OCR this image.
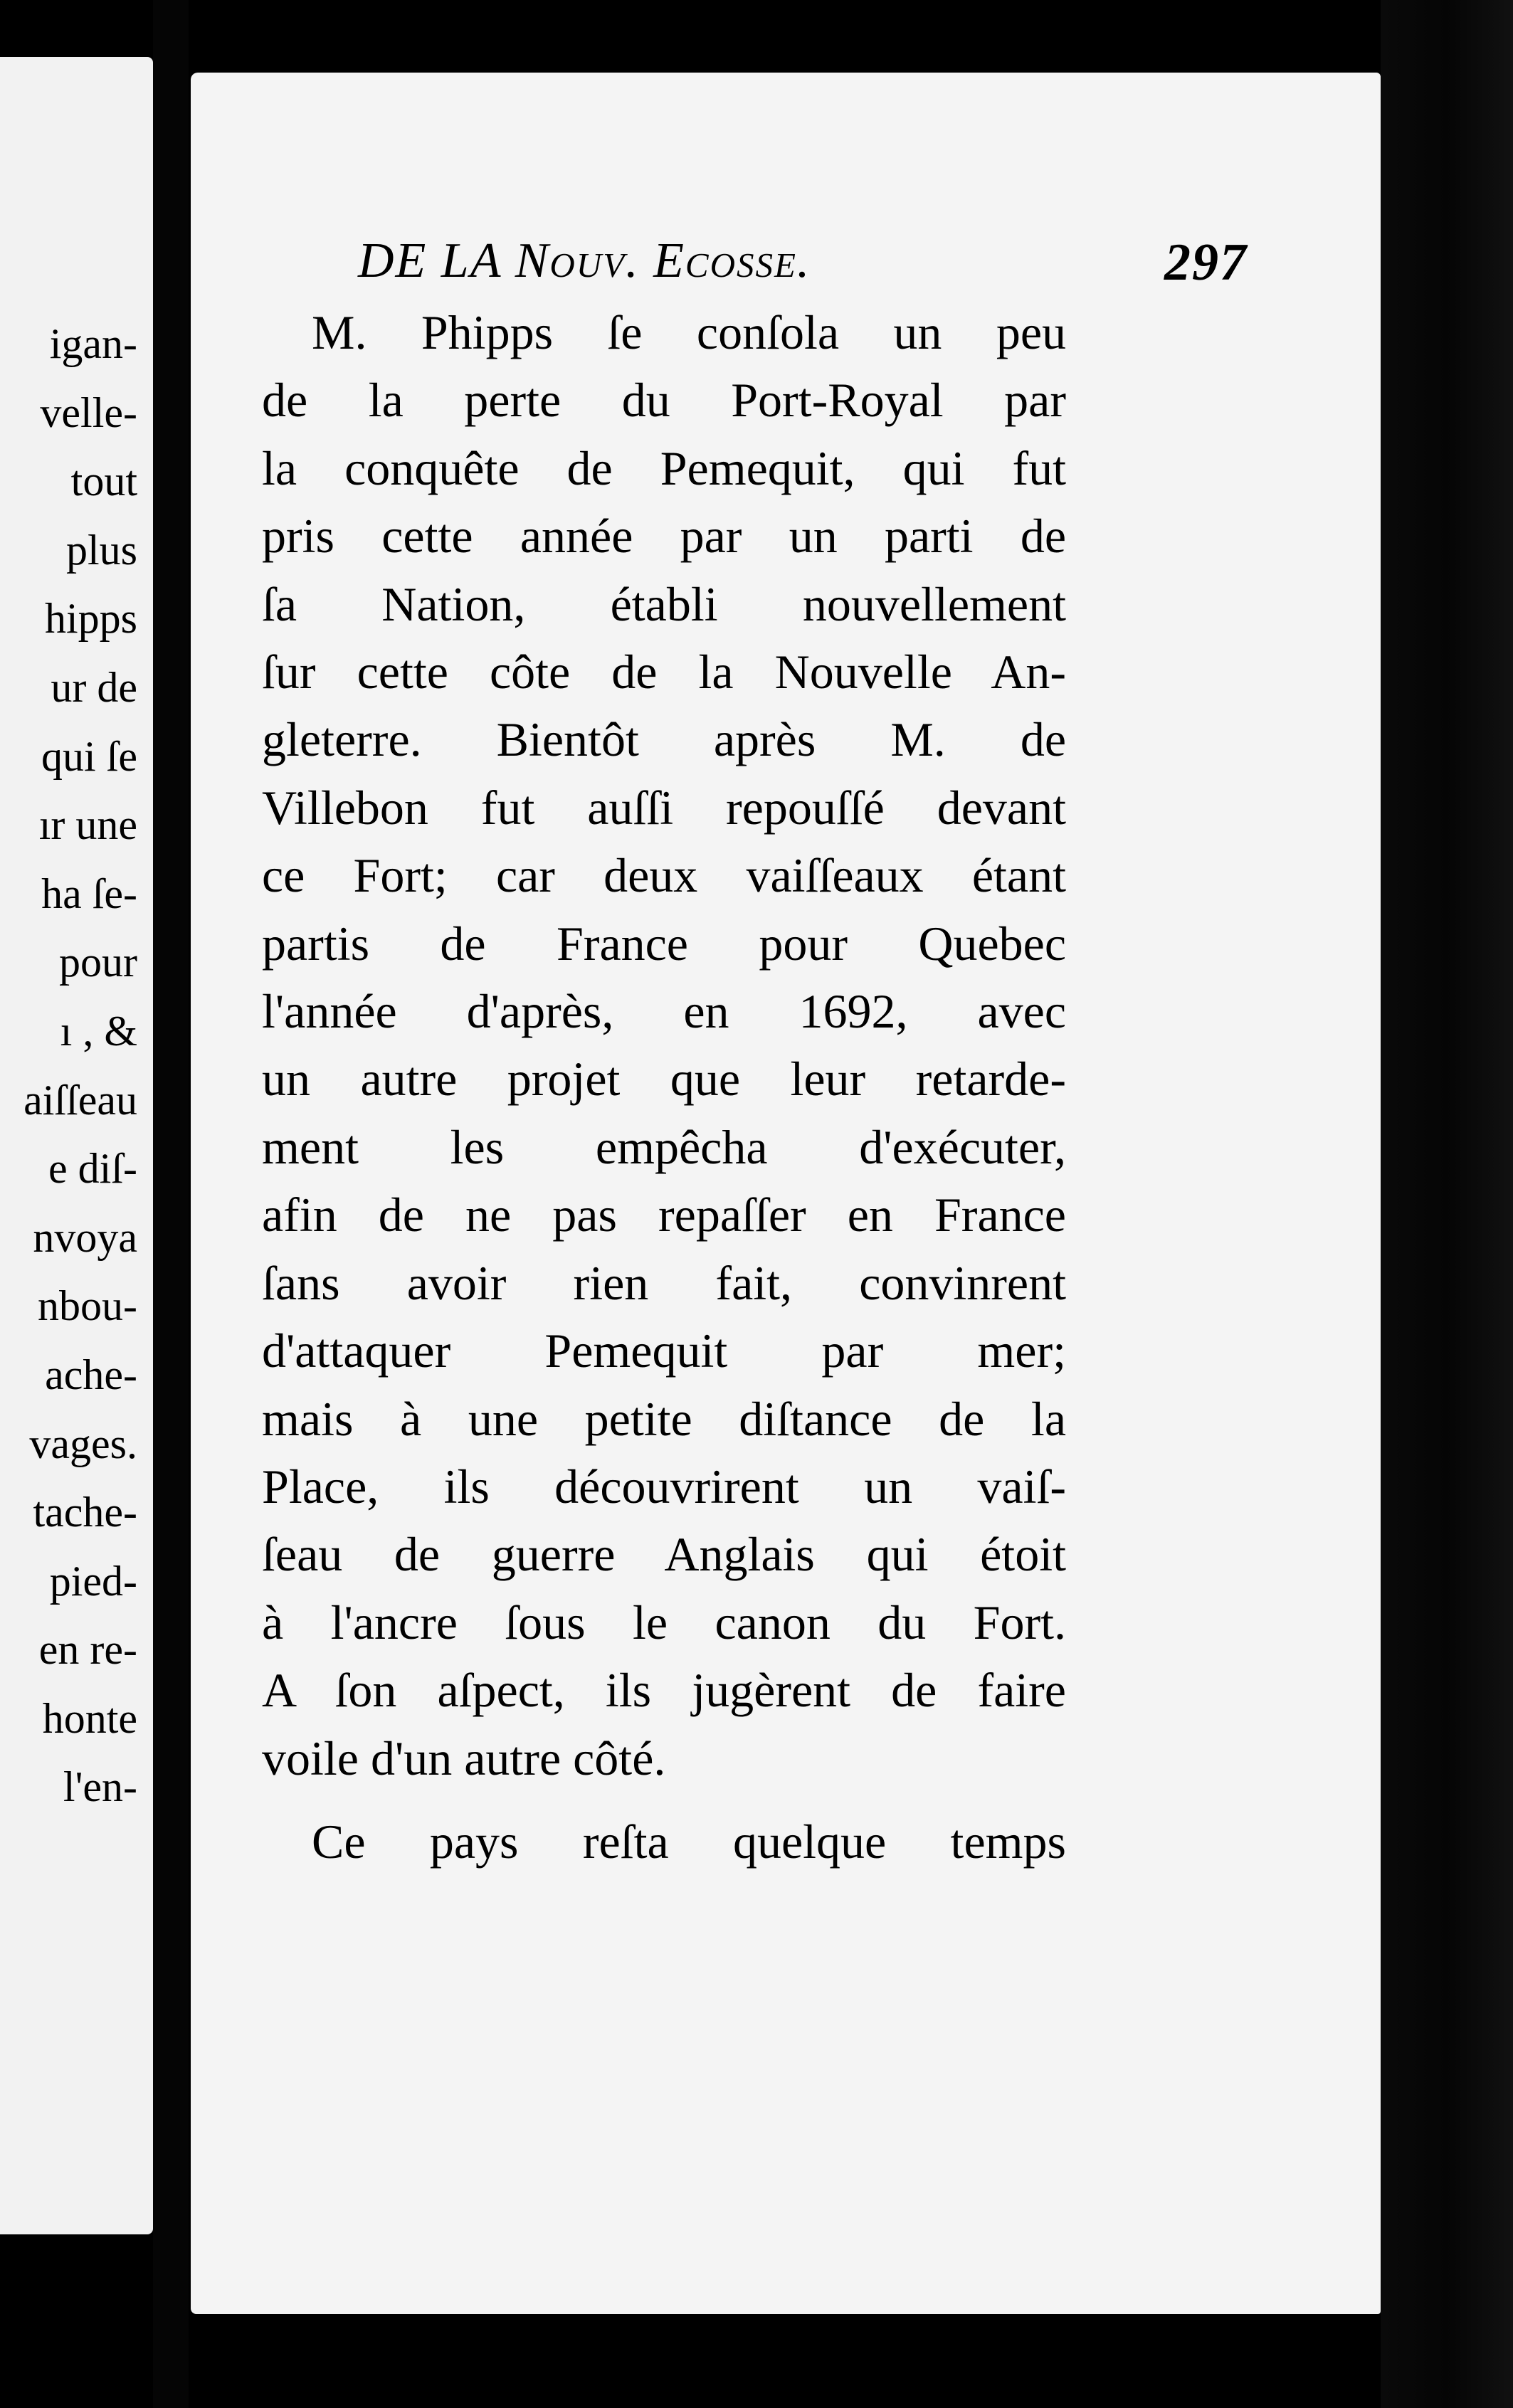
igan-
velle-
tout
plus
hipps
ur de
qui ſe
ır une
ha ſe-
pour
ı , &
aiſſeau
e diſ-
nvoya
nbou-
ache-
vages.
tache-
pied-
en re-
honte
l'en-
DE LA Nouv. Ecosse.	297
M. Phipps ſe conſola un peu
de la perte du Port-Royal par
la conquête de Pemequit, qui fut
pris cette année par un parti de
ſa Nation, établi nouvellement
ſur cette côte de la Nouvelle An-
gleterre. Bientôt après M. de
Villebon fut auſſi repouſſé devant
ce Fort; car deux vaiſſeaux étant
partis de France pour Quebec
l'année d'après, en 1692, avec
un autre projet que leur retarde-
ment les empêcha d'exécuter,
afin de ne pas repaſſer en France
ſans avoir rien fait, convinrent
d'attaquer Pemequit par mer;
mais à une petite diſtance de la
Place, ils découvrirent un vaiſ-
ſeau de guerre Anglais qui étoit
à l'ancre ſous le canon du Fort.
A ſon aſpect, ils jugèrent de faire
voile d'un autre côté.
Ce pays reſta quelque temps
